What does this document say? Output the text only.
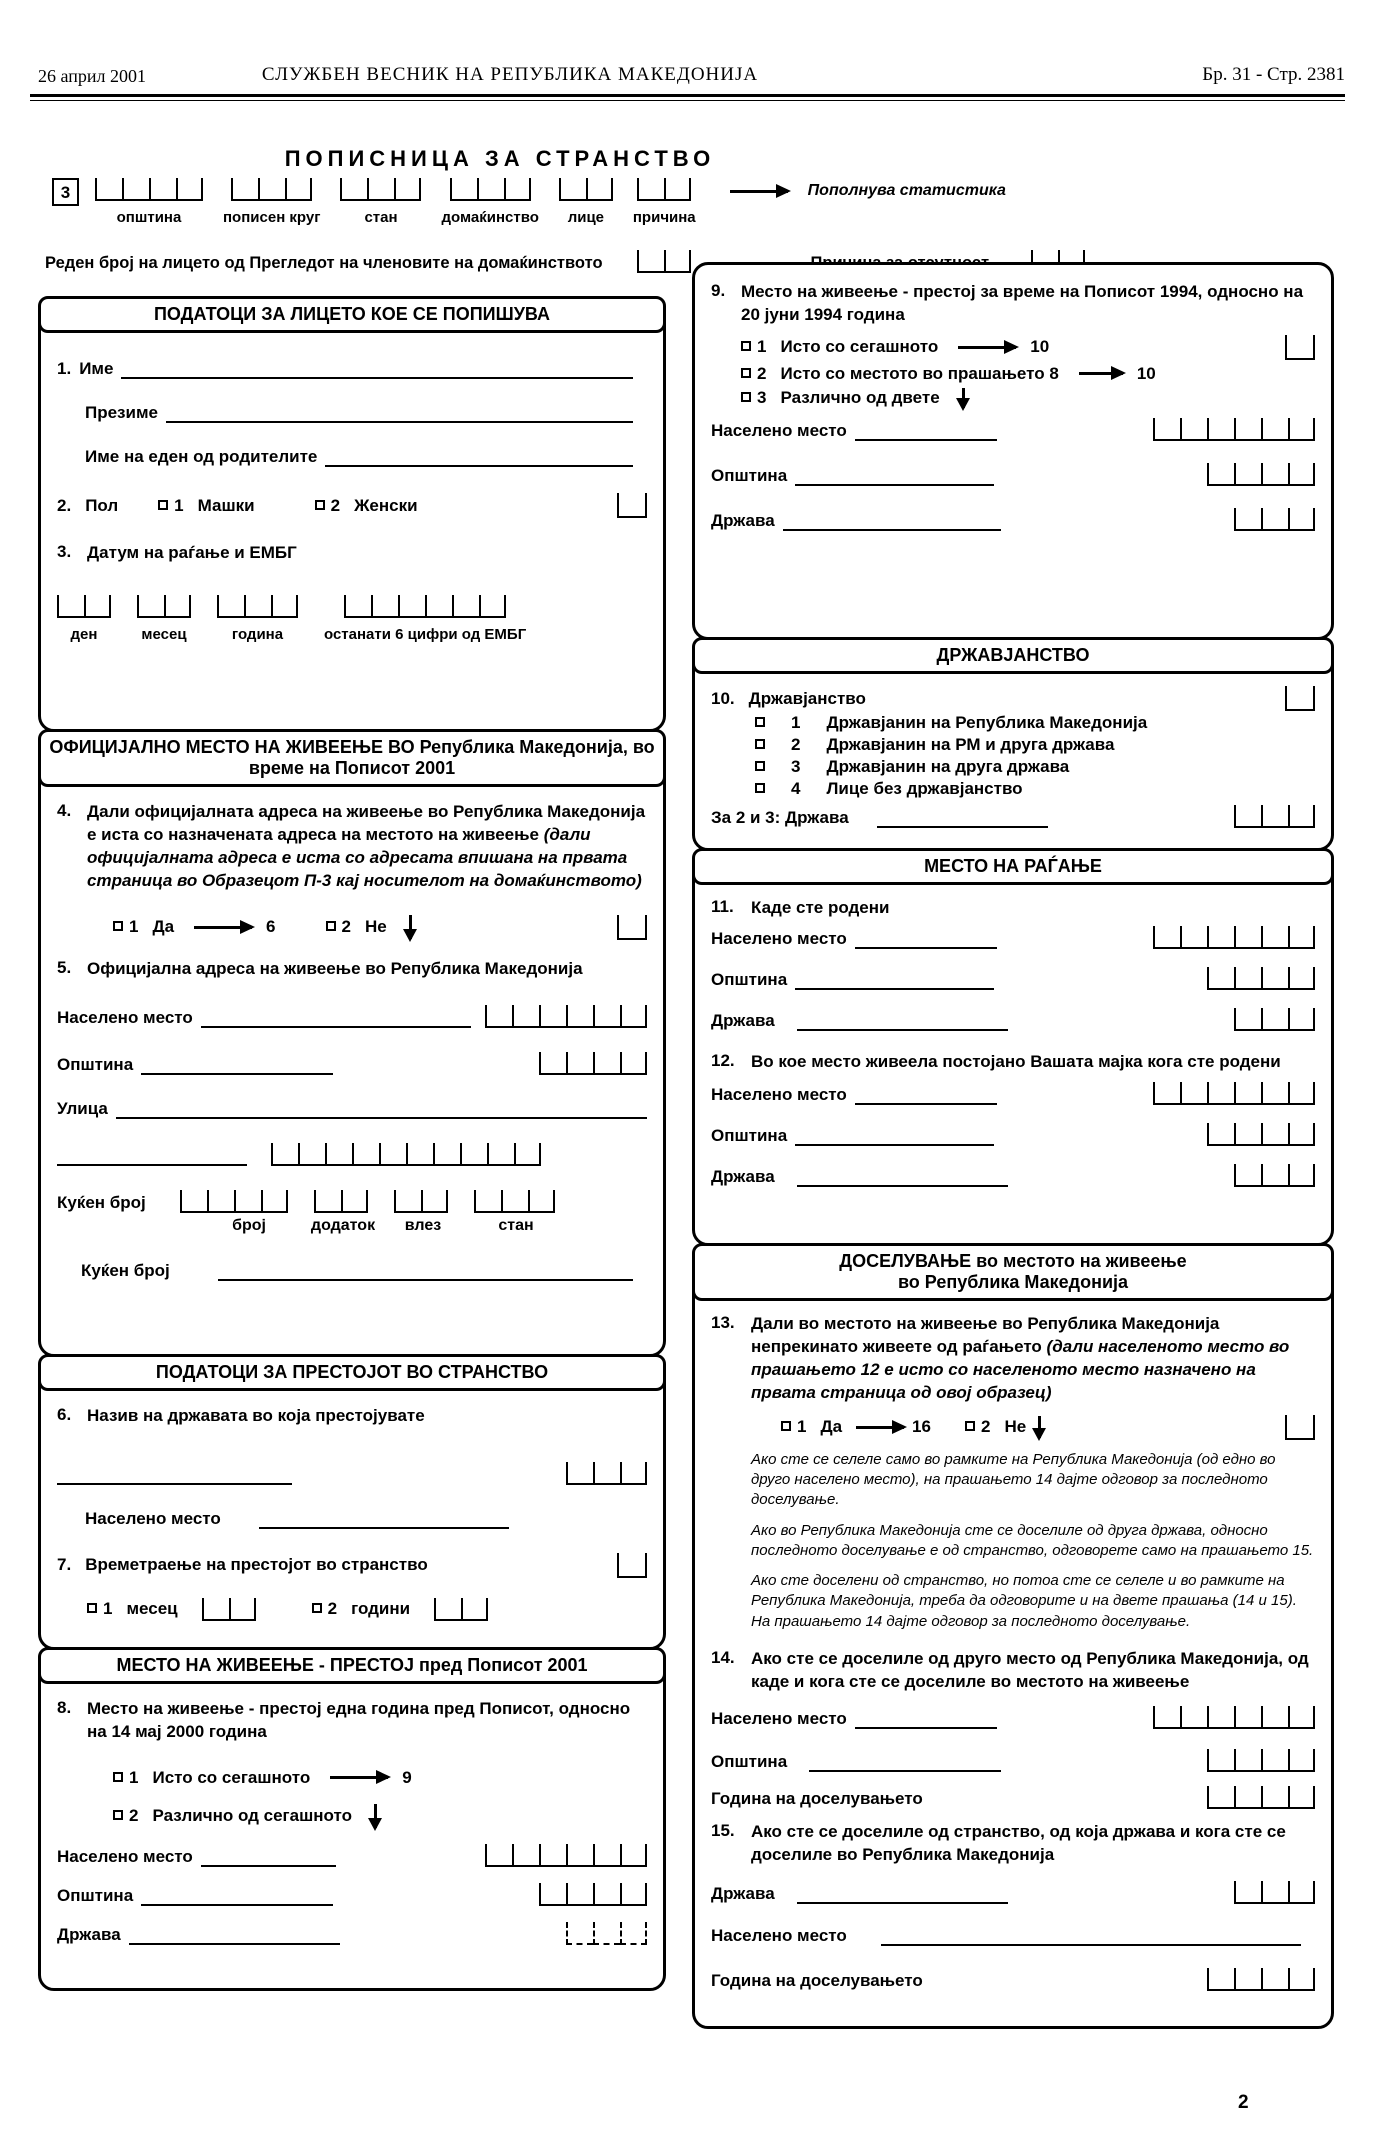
26 април 2001	СЛУЖБЕН ВЕСНИК НА РЕПУБЛИКА МАКЕДОНИЈА	Бр. 31 - Стр. 2381
ПОПИСНИЦА ЗА СТРАНСТВО
3
општина	пописен круг	стан	домаќинство	лице	причина
Пополнува статистика
Реден број на лицето од Прегледот на членовите на домаќинството
ПОДАТОЦИ ЗА ЛИЦЕТО КОЕ СЕ ПОПИШУВА
1. Име
Презиме
Име на еден од родителите
2. Пол	1 Машки	2 Женски
3. Датум на раѓање и ЕМБГ
ден	месец	година	останати 6 цифри од ЕМБГ
ОФИЦИЈАЛНО МЕСТО НА ЖИВЕЕЊЕ ВО Република Македонија, во време на Пописот 2001
4. Дали официјалната адреса на живеење во Република Македонија е иста со назначената адреса на местото на живеење (дали официјалната адреса е иста со адресата впишана на првата страница во Образецот П-3 кај носителот на домаќинството)
1 Да	6	2 Не
5. Официјална адреса на живеење во Република Македонија
Населено место
Општина
Улица
Куќен број
број	додаток	влез	стан
Куќен број
ПОДАТОЦИ ЗА ПРЕСТОЈОТ ВО СТРАНСТВО
6. Назив на државата во која престојувате
Населено место
7. Времетраење на престојот во странство
1 месец	2 години
МЕСТО НА ЖИВЕЕЊЕ - ПРЕСТОЈ пред Пописот 2001
8. Место на живеење - престој една година пред Пописот, односно на 14 мај 2000 година
1 Исто со сегашното	9
2 Различно од сегашното
Населено место
Општина
Држава
9. Место на живеење - престој за време на Пописот 1994, односно на 20 јуни 1994 година
1 Исто со сегашното	10
2 Исто со местото во прашањето 8	10
3 Различно од двете
Населено место
Општина
Држава
ДРЖАВЈАНСТВО
10. Државјанство
1 Државјанин на Република Македонија
2 Државјанин на РМ и друга држава
3 Државјанин на друга држава
4 Лице без државјанство
За 2 и 3: Држава
МЕСТО НА РАЃАЊЕ
11.	Каде сте родени
Населено место
Општина
Држава
12. Во кое место живеела постојано Вашата мајка кога сте родени
Населено место
Општина
Држава
ДОСЕЛУВАЊЕ во местото на живеење
во Република Македонија
13. Дали во местото на живеење во Република Македонија непрекинато живеете од раѓањето (дали населеното место во прашањето 12 е исто со населеното место назначено на првата страница од овој образец)
1 Да	16	2 Не

Ако сте се селеле само во рамките на Република Македонија (од едно во друго населено место), на прашањето 14 дајте одговор за последното доселување.

Ако во Република Македонија сте се доселиле од друга држава, односно последното доселување е од странство, одговорете само на прашањето 15.

Ако сте доселени од странство, но потоа сте се селеле и во рамките на Република Македонија, треба да одговорите и на двете прашања (14 и 15). На прашањето 14 дајте одговор за последното доселување.

14. Ако сте се доселиле од друго место од Република Македонија, од каде и кога сте се доселиле во местото на живеење
Населено место
Општина
Година на доселувањето
15. Ако сте се доселиле од странство, од која држава и кога сте се доселиле во Република Македонија
Држава
Населено место
Година на доселувањето
2
